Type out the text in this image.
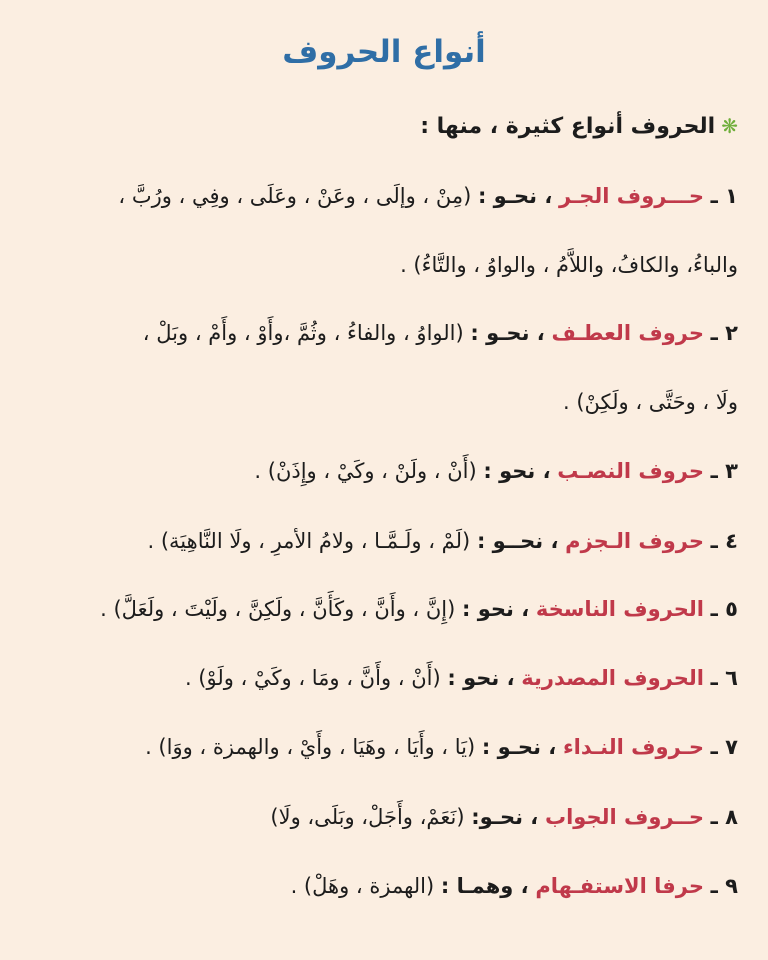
أنواع الحروف
❋الحروف أنواع كثيرة ، منها :
١ ـ حـــروف الجـر ، نحـو : (مِنْ ، وإلَى ، وعَنْ ، وعَلَى ، وفِي ، ورُبَّ ،
والباءُ، والكافُ، واللاَّمُ ، والواوُ ، والتَّاءُ) .
٢ ـ حروف العطـف ، نحـو : (الواوُ ، والفاءُ ، وثُمَّ ،وأَوْ ، وأَمْ ، وبَلْ ،
ولَا ، وحَتَّى ، ولَكِنْ) .
٣ ـ حروف النصـب ، نحو : (أَنْ ، ولَنْ ، وكَيْ ، وإِذَنْ) .
٤ ـ حروف الـجزم ، نحــو : (لَمْ ، ولَـمَّـا ، ولامُ الأمرِ ، ولَا النَّاهِيَة) .
٥ ـ الحروف الناسخة ، نحو : (إِنَّ ، وأَنَّ ، وكَأَنَّ ، ولَكِنَّ ، ولَيْتَ ، ولَعَلَّ) .
٦ ـ الحروف المصدرية ، نحو : (أَنْ ، وأَنَّ ، ومَا ، وكَيْ ، ولَوْ) .
٧ ـ حـروف النـداء ، نحـو : (يَا ، وأَيَا ، وهَيَا ، وأَيْ ، والهمزة ، ووَا) .
٨ ـ حــروف الجواب ، نحـو: (نَعَمْ، وأَجَلْ، وبَلَى، ولَا)
٩ ـ حرفا الاستفـهام ، وهمـا : (الهمزة ، وهَلْ) .
